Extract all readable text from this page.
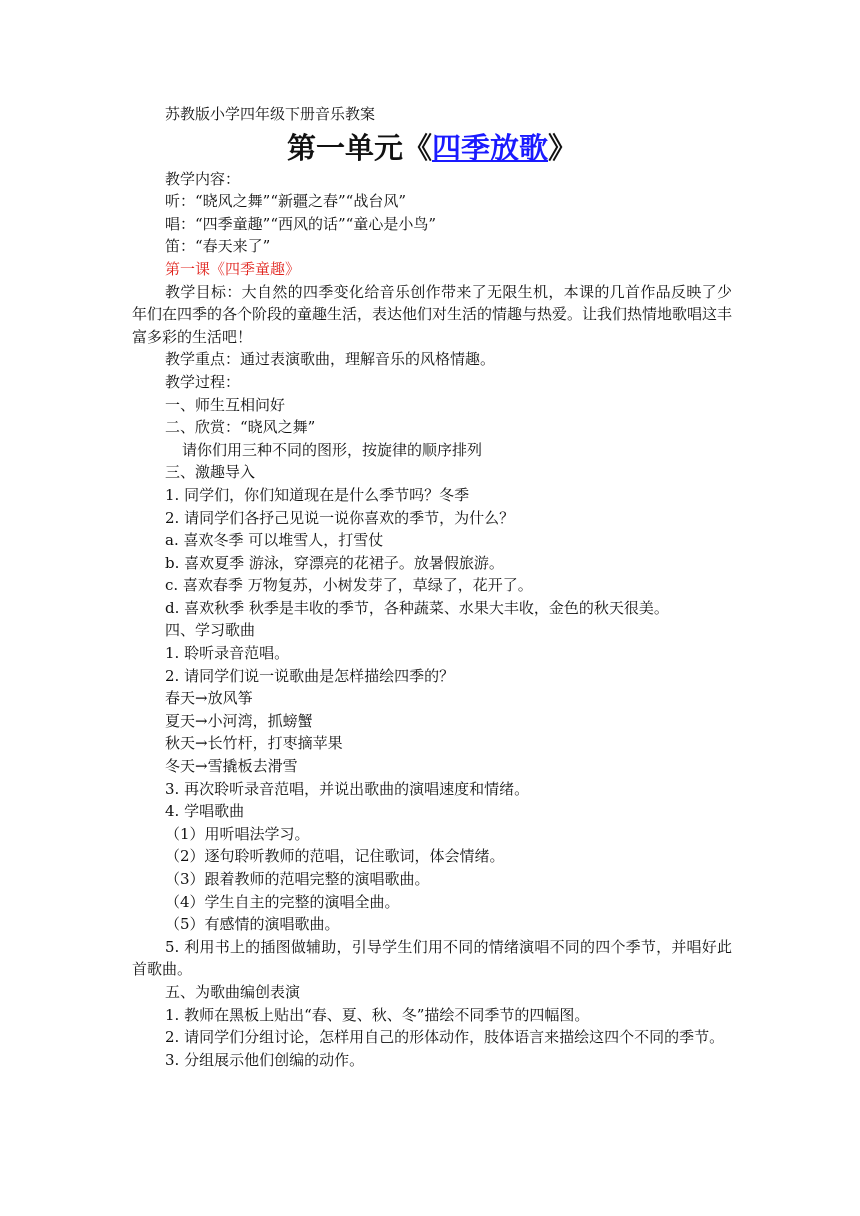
苏教版小学四年级下册音乐教案
第一单元《四季放歌》
教学内容：
听：“晓风之舞”“新疆之春”“战台风”
唱：“四季童趣”“西风的话”“童心是小鸟”
笛：“春天来了”
第一课《四季童趣》
教学目标：大自然的四季变化给音乐创作带来了无限生机，本课的几首作品反映了少年们在四季的各个阶段的童趣生活，表达他们对生活的情趣与热爱。让我们热情地歌唱这丰富多彩的生活吧！
教学重点：通过表演歌曲，理解音乐的风格情趣。
教学过程：
一、师生互相问好
二、欣赏：“晓风之舞”
请你们用三种不同的图形，按旋律的顺序排列
三、激趣导入
1. 同学们，你们知道现在是什么季节吗？冬季
2. 请同学们各抒己见说一说你喜欢的季节，为什么？
a. 喜欢冬季 可以堆雪人，打雪仗
b. 喜欢夏季 游泳，穿漂亮的花裙子。放暑假旅游。
c. 喜欢春季 万物复苏，小树发芽了，草绿了，花开了。
d. 喜欢秋季 秋季是丰收的季节，各种蔬菜、水果大丰收，金色的秋天很美。
四、学习歌曲
1. 聆听录音范唱。
2. 请同学们说一说歌曲是怎样描绘四季的？
春天→放风筝
夏天→小河湾，抓螃蟹
秋天→长竹杆，打枣摘苹果
冬天→雪撬板去滑雪
3. 再次聆听录音范唱，并说出歌曲的演唱速度和情绪。
4. 学唱歌曲
（1）用听唱法学习。
（2）逐句聆听教师的范唱，记住歌词，体会情绪。
（3）跟着教师的范唱完整的演唱歌曲。
（4）学生自主的完整的演唱全曲。
（5）有感情的演唱歌曲。
5. 利用书上的插图做辅助，引导学生们用不同的情绪演唱不同的四个季节，并唱好此首歌曲。
五、为歌曲编创表演
1. 教师在黑板上贴出“春、夏、秋、冬”描绘不同季节的四幅图。
2. 请同学们分组讨论，怎样用自己的形体动作，肢体语言来描绘这四个不同的季节。
3. 分组展示他们创编的动作。
